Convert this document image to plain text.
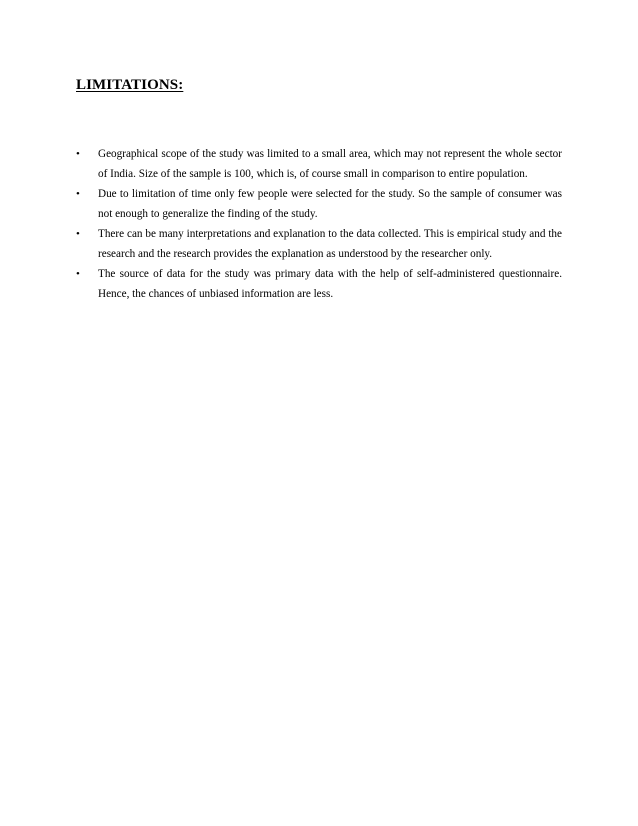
LIMITATIONS:
• Geographical scope of the study was limited to a small area, which may not represent the whole sector of India. Size of the sample is 100, which is, of course small in comparison to entire population.
• Due to limitation of time only few people were selected for the study. So the sample of consumer was not enough to generalize the finding of the study.
• There can be many interpretations and explanation to the data collected. This is empirical study and the research and the research provides the explanation as understood by the researcher only.
• The source of data for the study was primary data with the help of self-administered questionnaire. Hence, the chances of unbiased information are less.
